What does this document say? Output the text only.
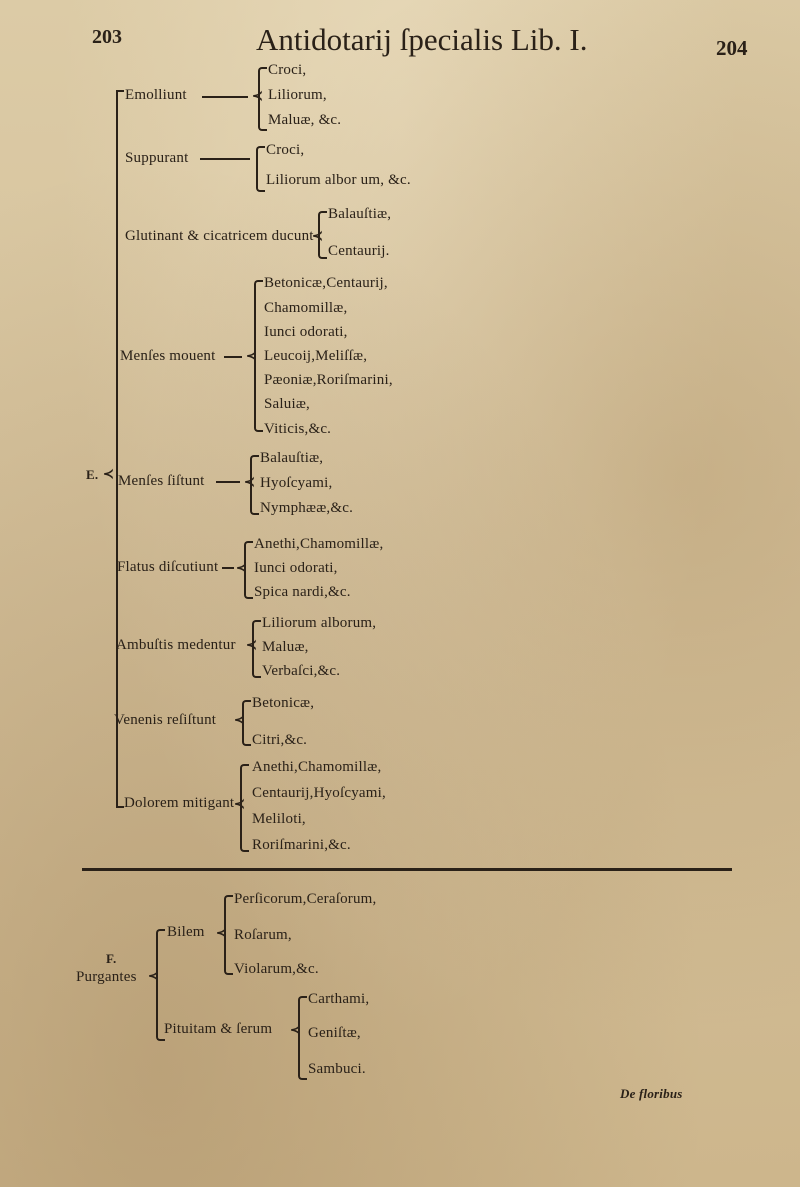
203	Antidotarij ſpecialis Lib. I.	204
E. ≺
Emolliunt	≺
Croci,
Liliorum,
Maluæ, &c.
Suppurant	Croci,
Liliorum albor um, &c.
Glutinant & cicatricem ducunt
≺
Balauſtiæ,
Centaurij.
Menſes mouent ≺
Betonicæ,Centaurij,
Chamomillæ,
Iunci odorati,
Leucoij,Meliſſæ,
Pæoniæ,Roriſmarini,
Saluiæ,
Viticis,&c.
Menſes ſiſtunt	≺
Balauſtiæ,
Hyoſcyami,
Nymphææ,&c.
Flatus diſcutiunt ≺
Anethi,Chamomillæ,
Iunci odorati,
Spica nardi,&c.
Ambuſtis medentur ≺
Liliorum alborum,
Maluæ,
Verbaſci,&c.
Venenis reſiſtunt ≺
Betonicæ,
Citri,&c.
Dolorem mitigant ≺
Anethi,Chamomillæ,
Centaurij,Hyoſcyami,
Meliloti,
Roriſmarini,&c.
F.
Purgantes ≺
Bilem ≺
Perſicorum,Ceraſorum,
Roſarum,
Violarum,&c.
Pituitam & ſerum ≺
Carthami,
Geniſtæ,
Sambuci.
De floribus
